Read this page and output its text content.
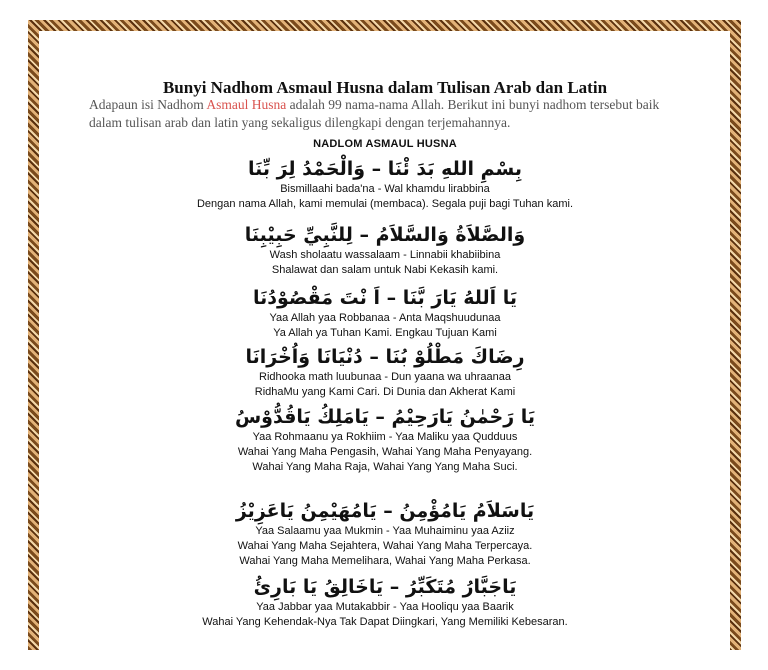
Bunyi Nadhom Asmaul Husna dalam Tulisan Arab dan Latin

Adapaun isi Nadhom Asmaul Husna adalah 99 nama-nama Allah. Berikut ini bunyi nadhom tersebut baik dalam tulisan arab dan latin yang sekaligus dilengkapi dengan terjemahannya.

NADLOM ASMAUL HUSNA
بِسْمِ اللهِ بَدَ ئْنَا – وَالْحَمْدُ لِرَ بِّنَا
Bismillaahi bada'na - Wal khamdu lirabbina
Dengan nama Allah, kami memulai (membaca). Segala puji bagi Tuhan kami.
وَالصَّلاَةُ وَالسَّلاَمُ – لِلنَّبِيِّ حَبِيْبِنَا
Wash sholaatu wassalaam - Linnabii khabiibina
Shalawat dan salam untuk Nabi Kekasih kami.
يَا اَللهُ يَارَ بَّنَا – اَ نْتَ مَقْصُوْدُنَا
Yaa Allah yaa Robbanaa - Anta Maqshuudunaa
Ya Allah ya Tuhan Kami. Engkau Tujuan Kami
رِضَاكَ مَطْلُوْ بُنَا – دُنْيَانَا وَاُخْرَانَا
Ridhooka math luubunaa - Dun yaana wa uhraanaa
RidhaMu yang Kami Cari. Di Dunia dan Akherat Kami
يَا رَحْمٰنُ يَارَحِيْمُ – يَامَلِكُ يَاقُدُّوْسُ
Yaa Rohmaanu ya Rokhiim - Yaa Maliku yaa Qudduus
Wahai Yang Maha Pengasih, Wahai Yang Maha Penyayang.
Wahai Yang Maha Raja, Wahai Yang Yang Maha Suci.
يَاسَلاَمُ يَامُؤْمِنُ – يَامُهَيْمِنُ يَاعَزِيْزُ
Yaa Salaamu yaa Mukmin - Yaa Muhaiminu yaa Aziiz
Wahai Yang Maha Sejahtera, Wahai Yang Maha Terpercaya.
Wahai Yang Maha Memelihara, Wahai Yang Maha Perkasa.
يَاجَبَّارُ مُتَكَبِّرُ – يَاخَالِقُ يَا بَارِئُ
Yaa Jabbar yaa Mutakabbir - Yaa Hooliqu yaa Baarik
Wahai Yang Kehendak-Nya Tak Dapat Diingkari, Yang Memiliki Kebesaran.
